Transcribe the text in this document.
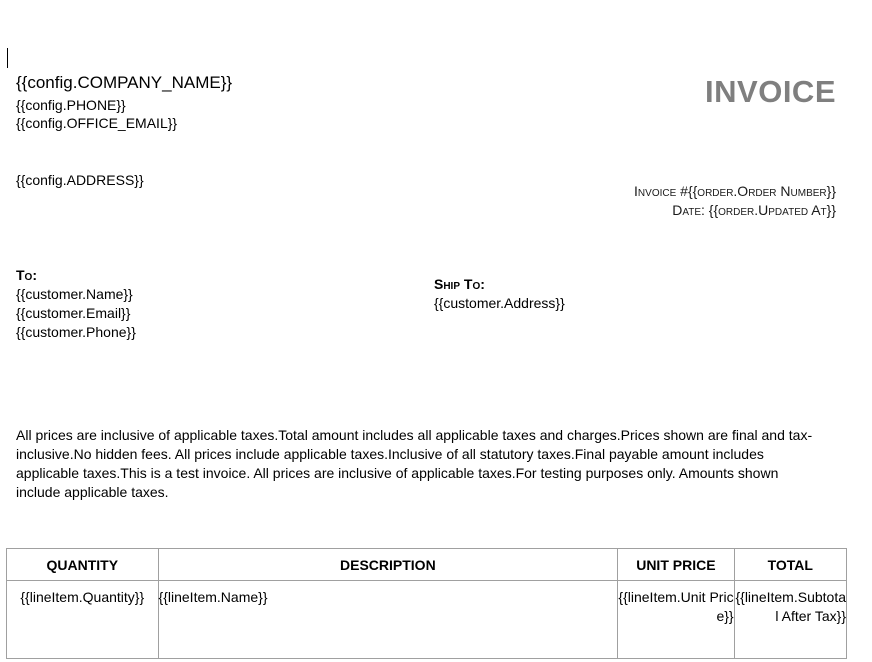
{{config.COMPANY_NAME}}
{{config.PHONE}}
{{config.OFFICE_EMAIL}}
{{config.ADDRESS}}
INVOICE
Invoice #{{order.Order Number}}
Date: {{order.Updated At}}
To:
{{customer.Name}}
{{customer.Email}}
{{customer.Phone}}
Ship To:
{{customer.Address}}
All prices are inclusive of applicable taxes.Total amount includes all applicable taxes and charges.Prices shown are final and tax-inclusive.No hidden fees. All prices include applicable taxes.Inclusive of all statutory taxes.Final payable amount includes applicable taxes.This is a test invoice. All prices are inclusive of applicable taxes.For testing purposes only. Amounts shown include applicable taxes.
QUANTITY	DESCRIPTION	UNIT PRICE	TOTAL
{{lineItem.Quantity}}	{{lineItem.Name}}	{{lineItem.Unit Price}}	{{lineItem.Subtotal After Tax}}
